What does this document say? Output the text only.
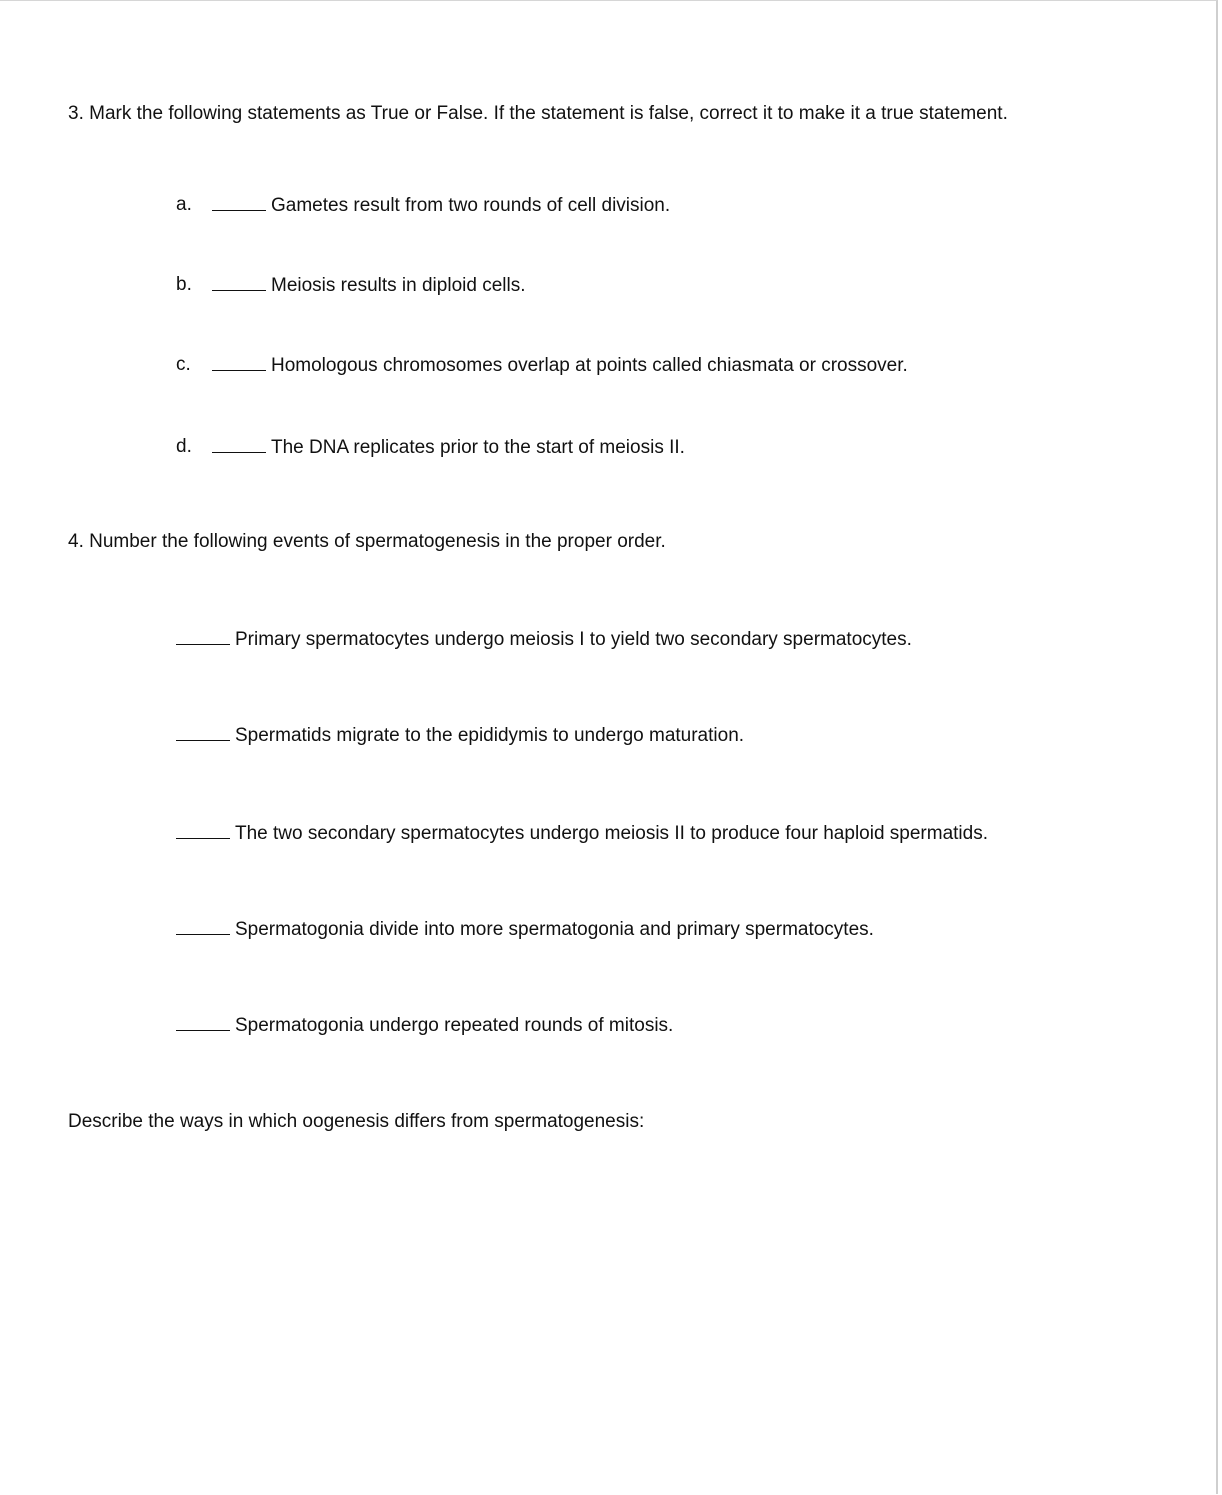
3. Mark the following statements as True or False. If the statement is false, correct it to make it a true statement.
a.	Gametes result from two rounds of cell division.
b.	Meiosis results in diploid cells.
c.	Homologous chromosomes overlap at points called chiasmata or crossover.
d.	The DNA replicates prior to the start of meiosis II.
4. Number the following events of spermatogenesis in the proper order.
Primary spermatocytes undergo meiosis I to yield two secondary spermatocytes.
Spermatids migrate to the epididymis to undergo maturation.
The two secondary spermatocytes undergo meiosis II to produce four haploid spermatids.
Spermatogonia divide into more spermatogonia and primary spermatocytes.
Spermatogonia undergo repeated rounds of mitosis.
Describe the ways in which oogenesis differs from spermatogenesis:
